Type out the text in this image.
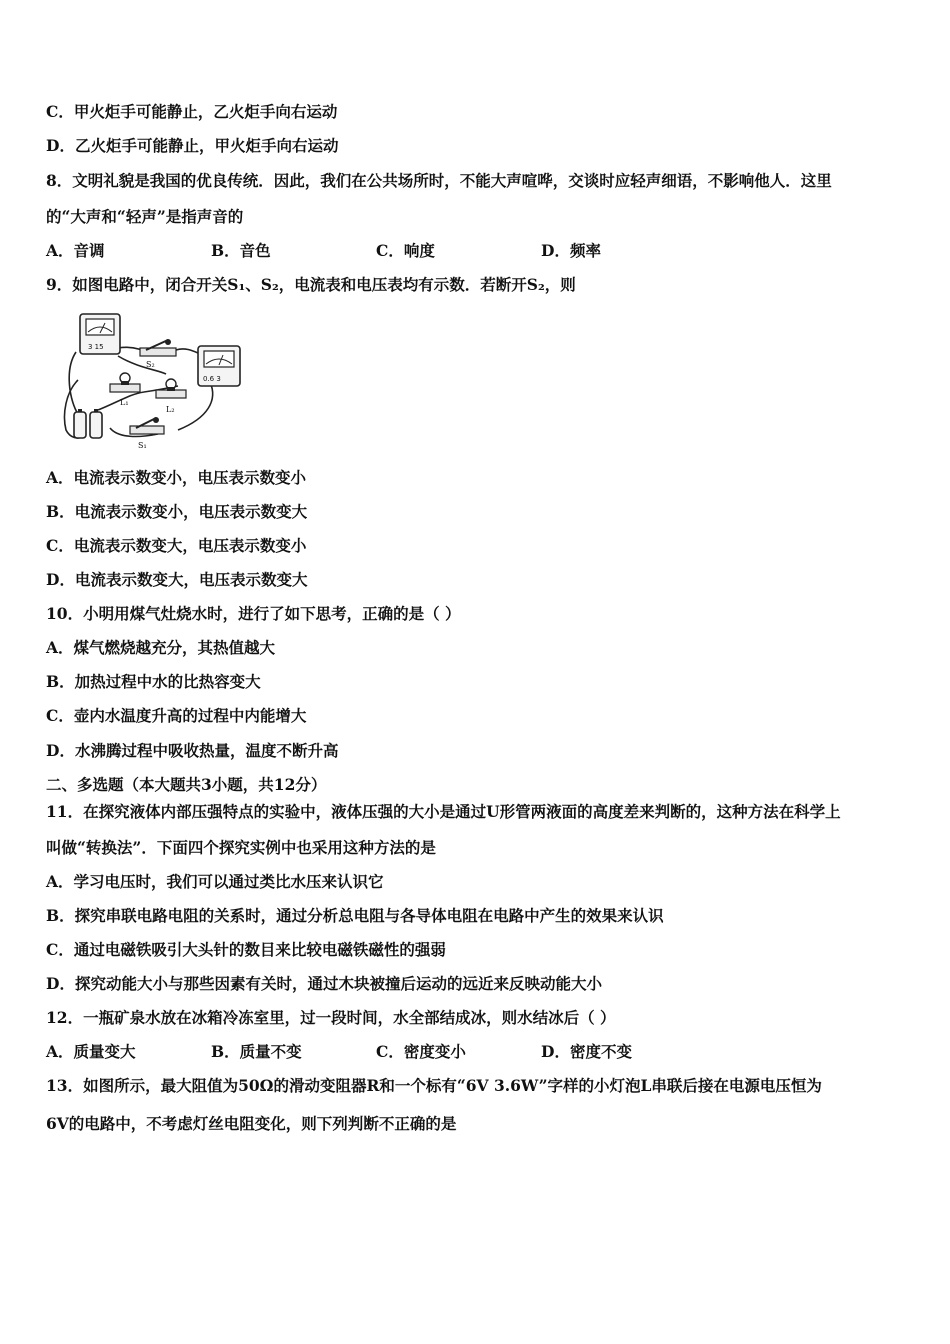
C．甲火炬手可能静止，乙火炬手向右运动
D．乙火炬手可能静止，甲火炬手向右运动
8．文明礼貌是我国的优良传统．因此，我们在公共场所时，不能大声喧哗，交谈时应轻声细语，不影响他人．这里
的“大声和“轻声”是指声音的
A．音调	B．音色	C．响度	D．频率
9．如图电路中，闭合开关S₁、S₂，电流表和电压表均有示数．若断开S₂，则
3 15
S₂
0.6 3
L₁
L₂
S₁
A．电流表示数变小，电压表示数变小
B．电流表示数变小，电压表示数变大
C．电流表示数变大，电压表示数变小
D．电流表示数变大，电压表示数变大
10．小明用煤气灶烧水时，进行了如下思考，正确的是（ ）
A．煤气燃烧越充分，其热值越大
B．加热过程中水的比热容变大
C．壶内水温度升高的过程中内能增大
D．水沸腾过程中吸收热量，温度不断升高
二、多选题（本大题共3小题，共12分）
11．在探究液体内部压强特点的实验中，液体压强的大小是通过U形管两液面的高度差来判断的，这种方法在科学上
叫做“转换法”．下面四个探究实例中也采用这种方法的是
A．学习电压时，我们可以通过类比水压来认识它
B．探究串联电路电阻的关系时，通过分析总电阻与各导体电阻在电路中产生的效果来认识
C．通过电磁铁吸引大头针的数目来比较电磁铁磁性的强弱
D．探究动能大小与那些因素有关时，通过木块被撞后运动的远近来反映动能大小
12．一瓶矿泉水放在冰箱冷冻室里，过一段时间，水全部结成冰，则水结冰后（ ）
A．质量变大	B．质量不变	C．密度变小	D．密度不变
13．如图所示，最大阻值为50Ω的滑动变阻器R和一个标有“6V 3.6W”字样的小灯泡L串联后接在电源电压恒为
6V的电路中，不考虑灯丝电阻变化，则下列判断不正确的是
